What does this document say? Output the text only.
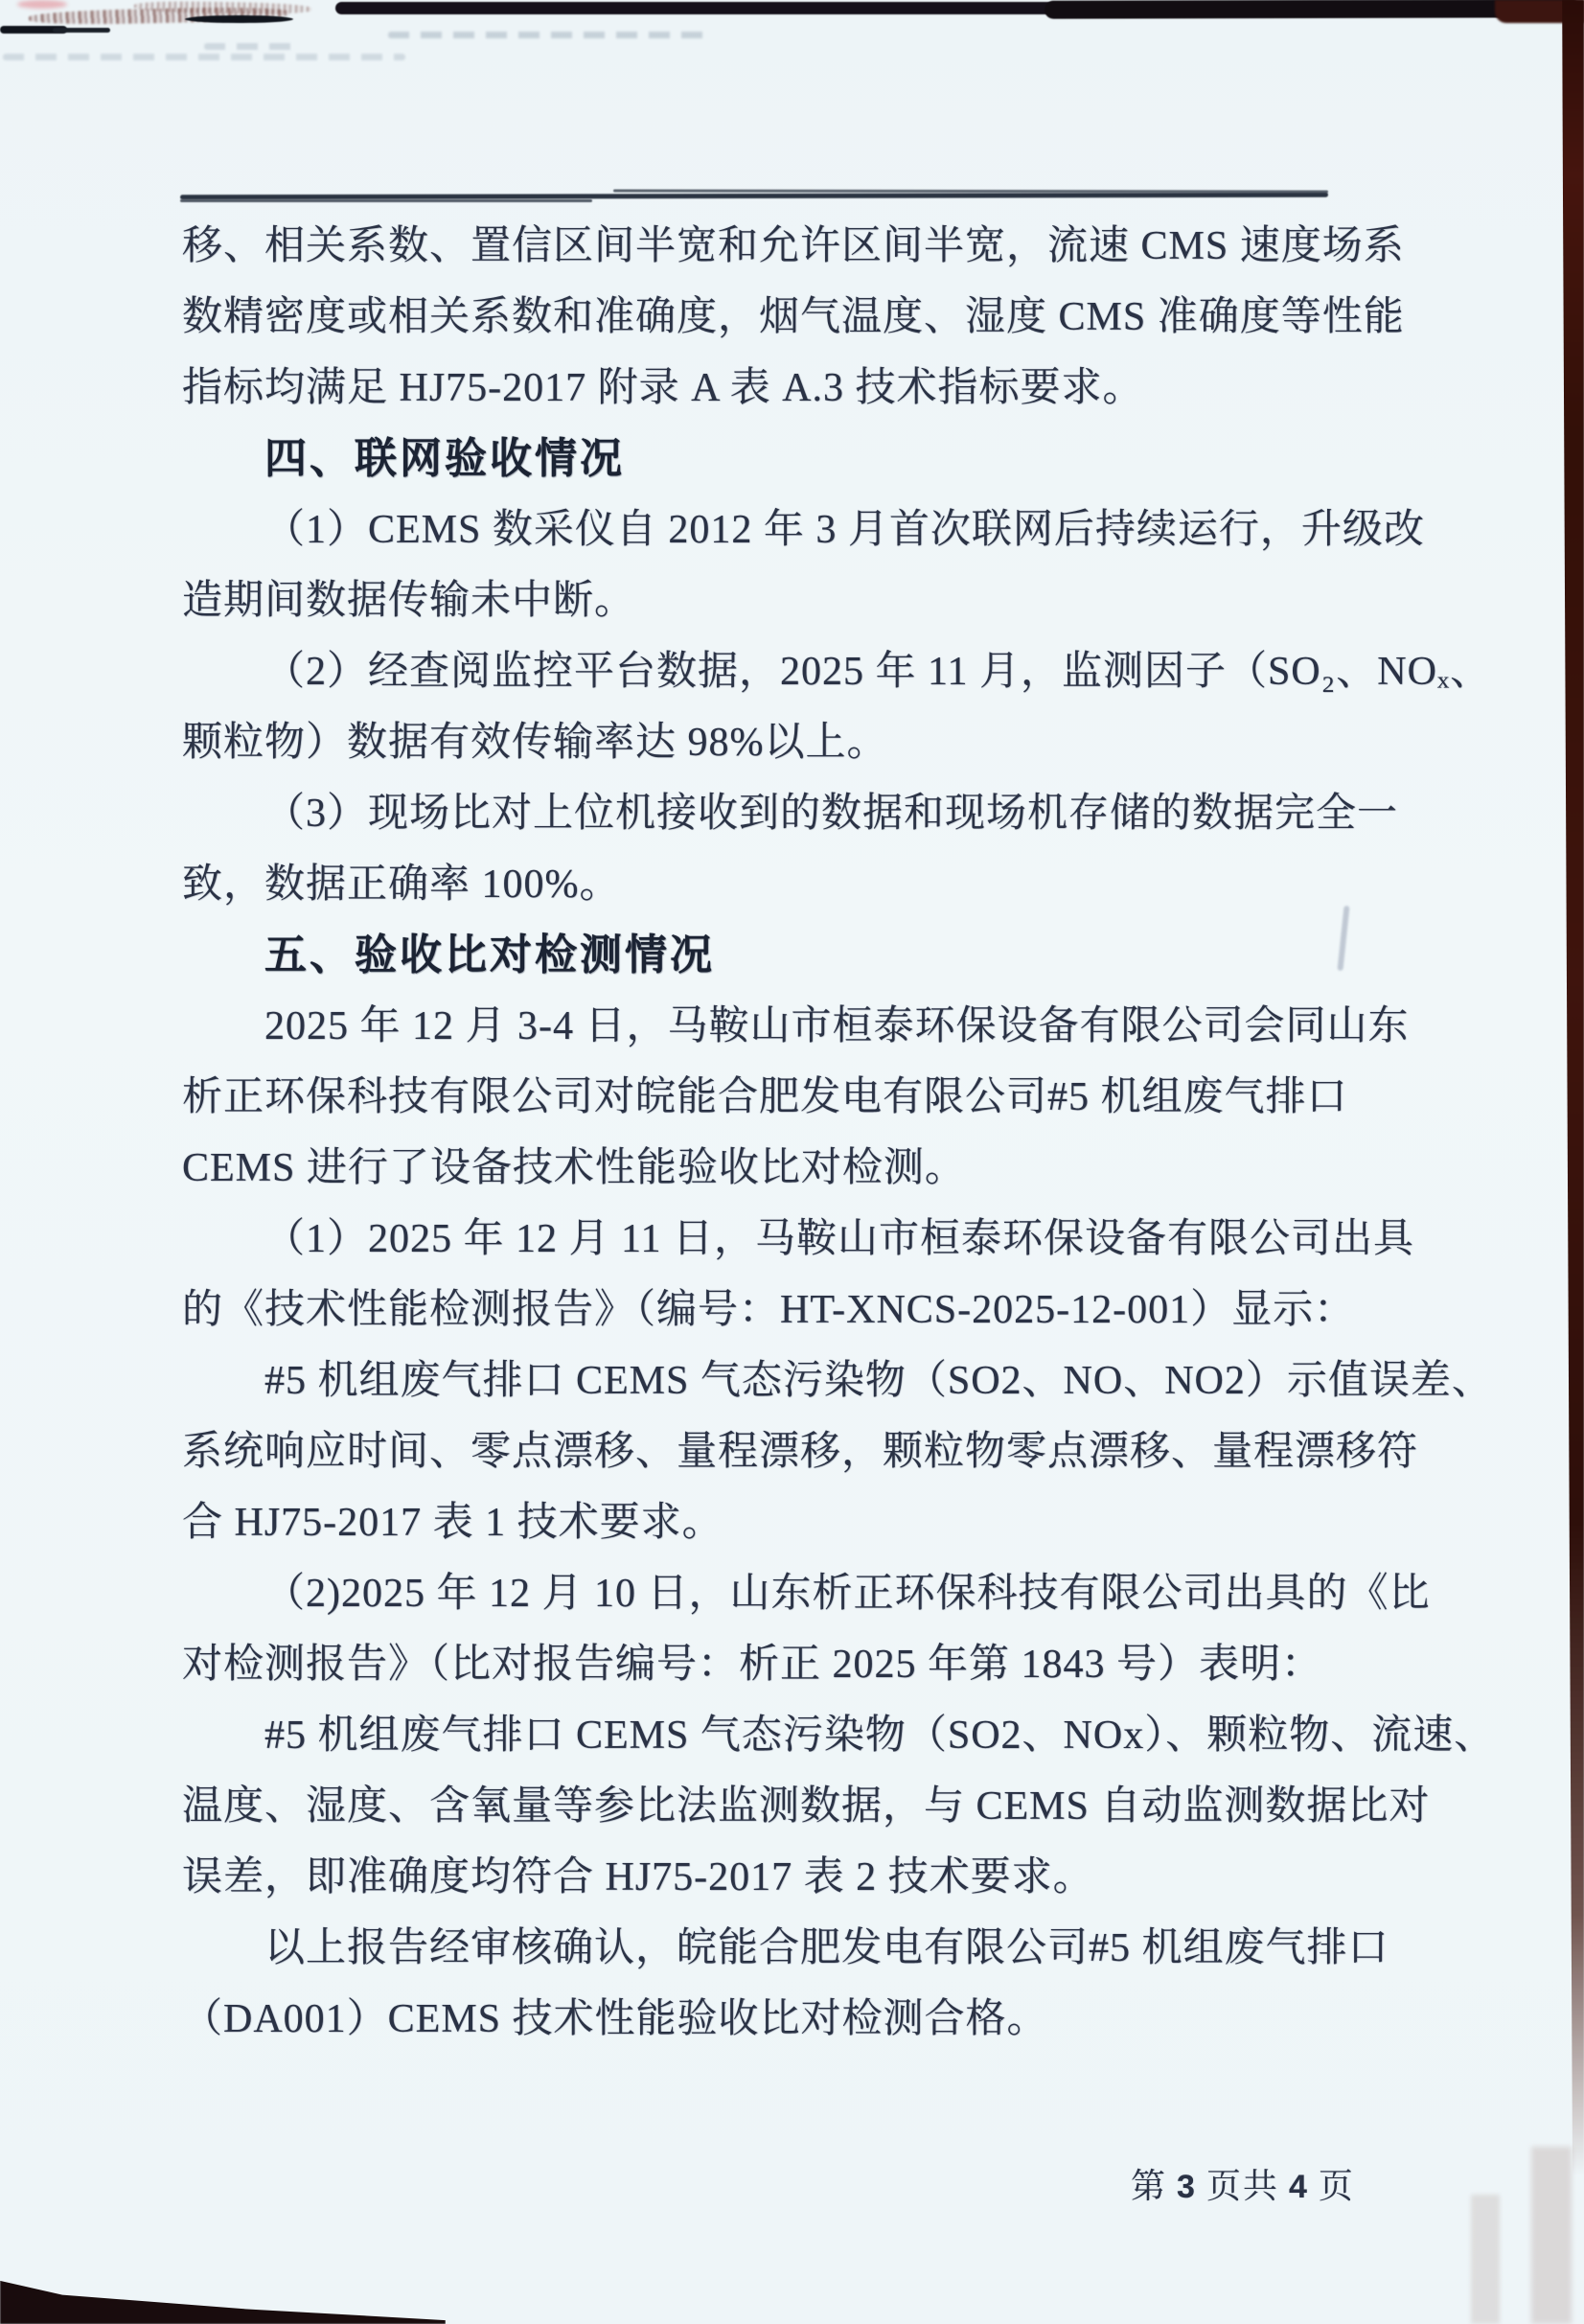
移、相关系数、置信区间半宽和允许区间半宽，流速 CMS 速度场系
数精密度或相关系数和准确度，烟气温度、湿度 CMS 准确度等性能
指标均满足 HJ75-2017 附录 A 表 A.3 技术指标要求。
四、联网验收情况
（1）CEMS 数采仪自 2012 年 3 月首次联网后持续运行，升级改
造期间数据传输未中断。
（2）经查阅监控平台数据，2025 年 11 月，监测因子（SO₂、NOₓ、
颗粒物）数据有效传输率达 98%以上。
（3）现场比对上位机接收到的数据和现场机存储的数据完全一
致，数据正确率 100%。
五、验收比对检测情况
2025 年 12 月 3-4 日，马鞍山市桓泰环保设备有限公司会同山东
析正环保科技有限公司对皖能合肥发电有限公司#5 机组废气排口
CEMS 进行了设备技术性能验收比对检测。
（1）2025 年 12 月 11 日，马鞍山市桓泰环保设备有限公司出具
的《技术性能检测报告》（编号：HT-XNCS-2025-12-001）显示：
#5 机组废气排口 CEMS 气态污染物（SO2、NO、NO2）示值误差、
系统响应时间、零点漂移、量程漂移，颗粒物零点漂移、量程漂移符
合 HJ75-2017 表 1 技术要求。
（2)2025 年 12 月 10 日，山东析正环保科技有限公司出具的《比
对检测报告》（比对报告编号：析正 2025 年第 1843 号）表明：
#5 机组废气排口 CEMS 气态污染物（SO2、NOx）、颗粒物、流速、
温度、湿度、含氧量等参比法监测数据，与 CEMS 自动监测数据比对
误差，即准确度均符合 HJ75-2017 表 2 技术要求。
以上报告经审核确认，皖能合肥发电有限公司#5 机组废气排口
（DA001）CEMS 技术性能验收比对检测合格。
第 3 页共 4 页
